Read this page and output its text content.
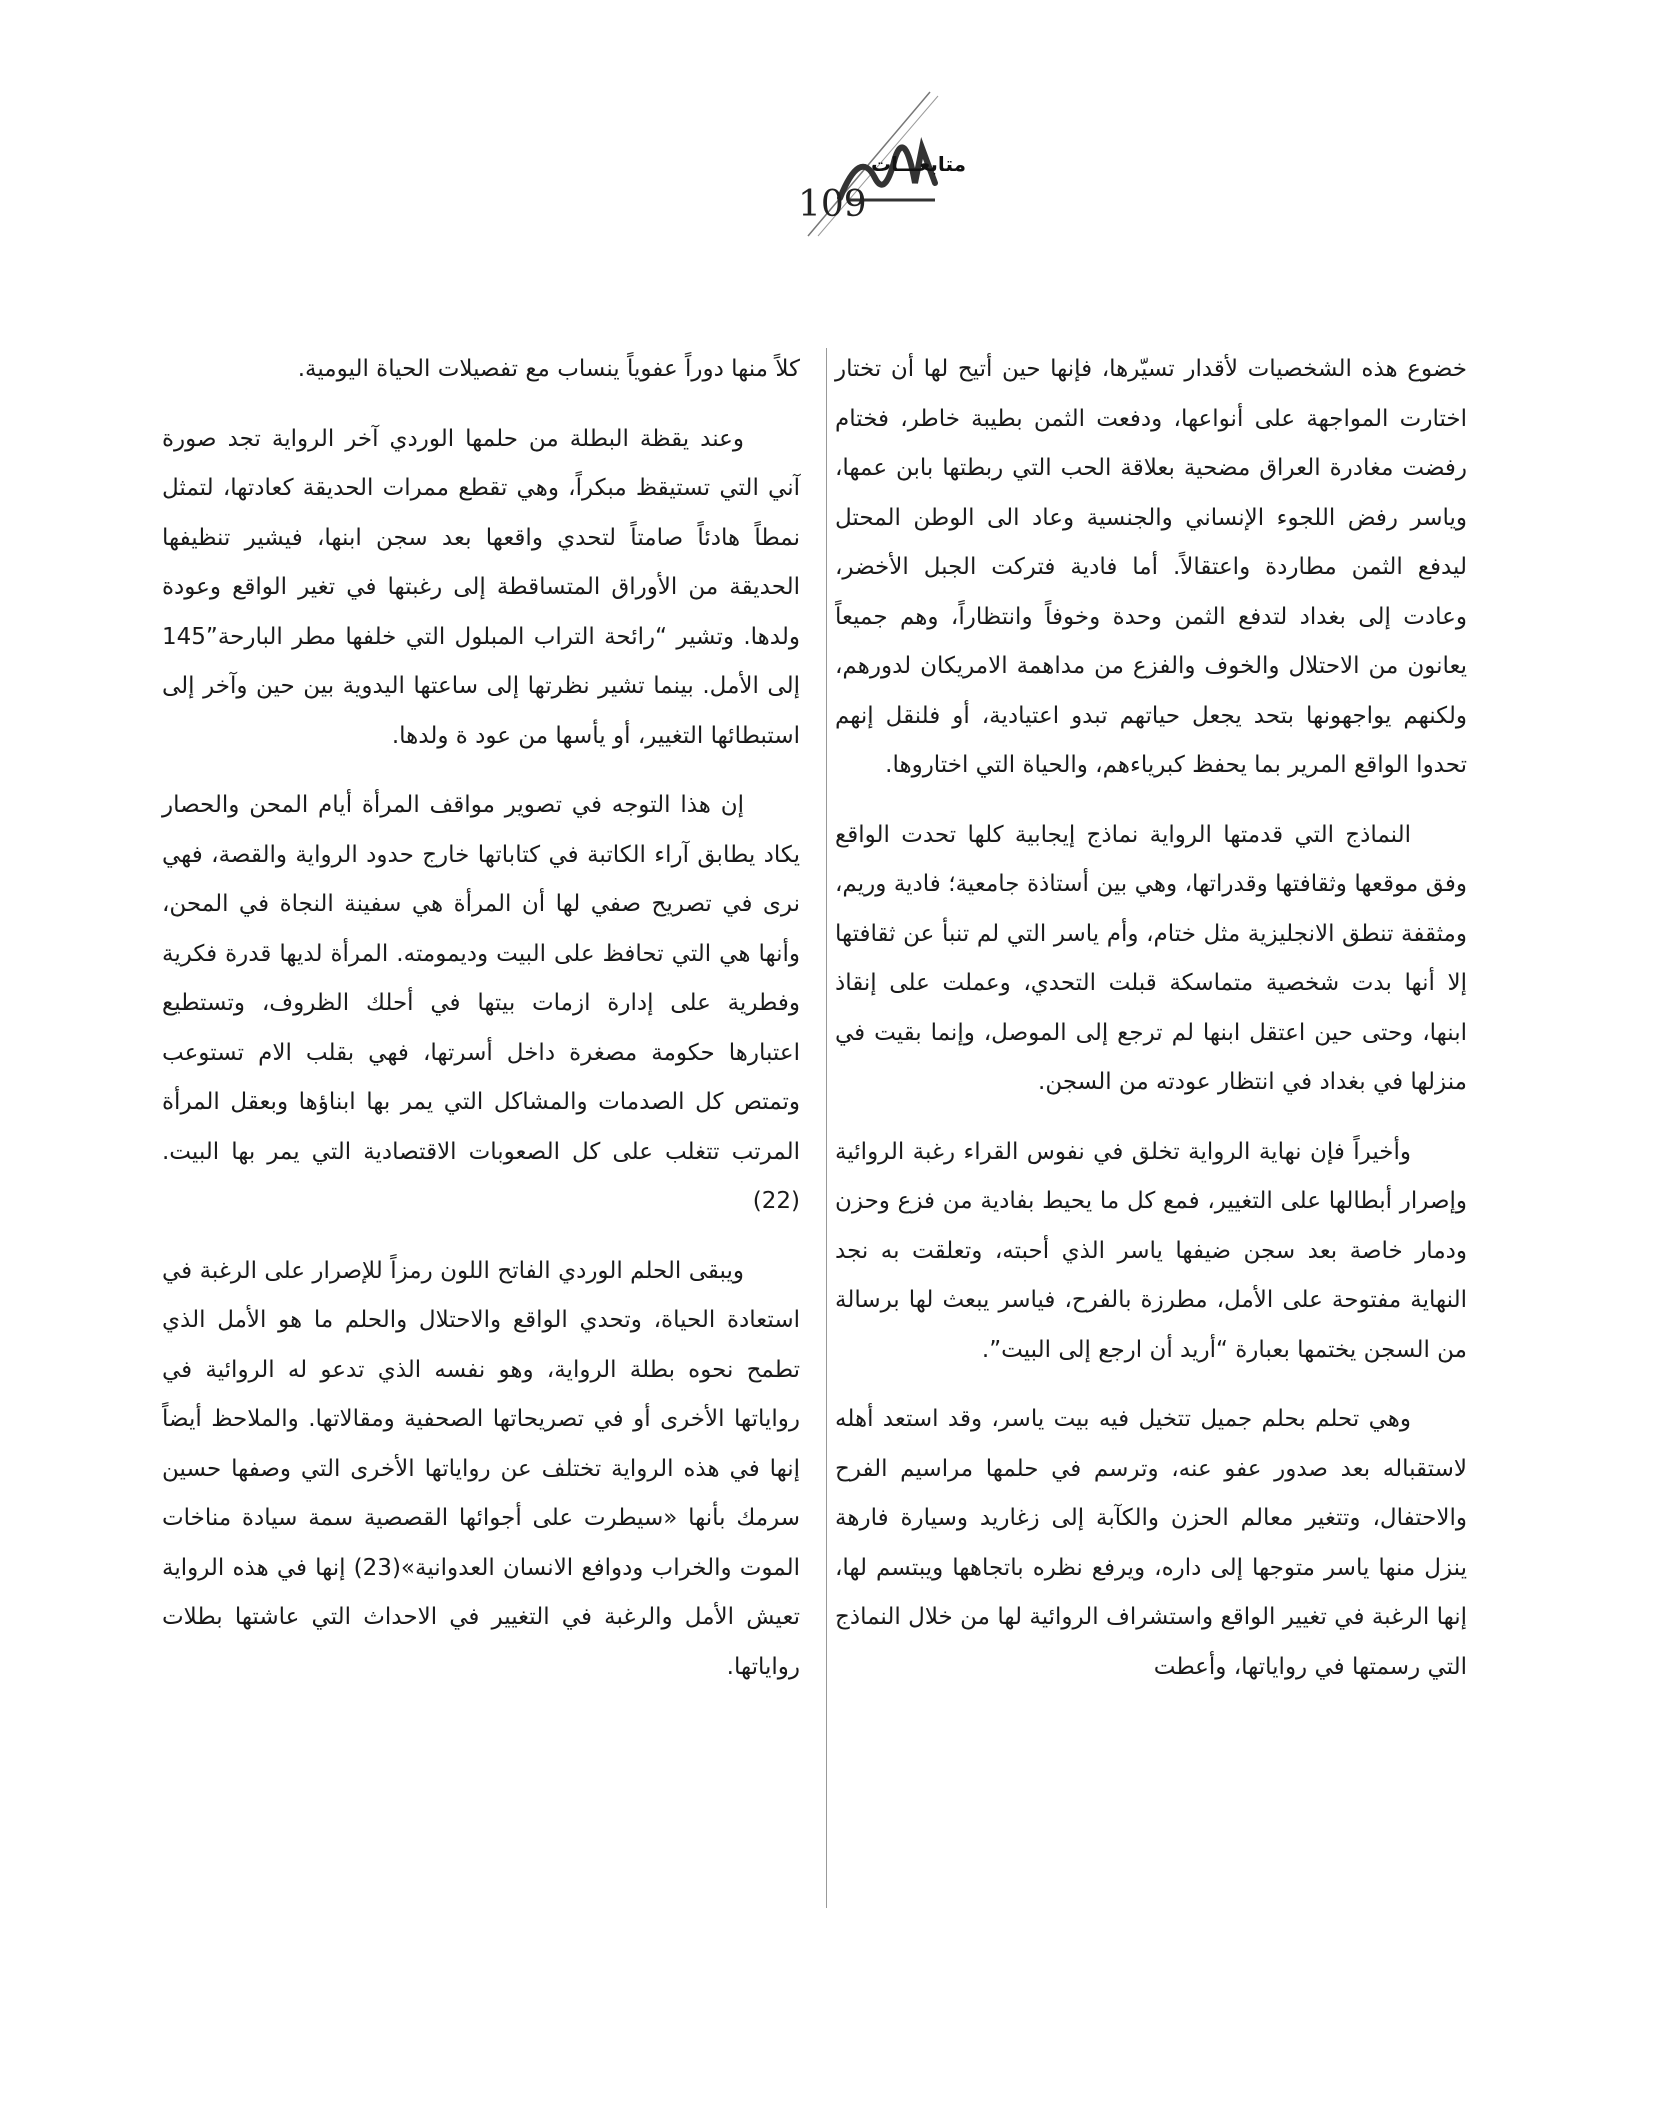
متابعـــات
109

خضوع هذه الشخصيات لأقدار تسيّرها، فإنها حين أتيح لها أن تختار اختارت المواجهة على أنواعها، ودفعت الثمن بطيبة خاطر، فختام رفضت مغادرة العراق مضحية بعلاقة الحب التي ربطتها بابن عمها، وياسر رفض اللجوء الإنساني والجنسية وعاد الى الوطن المحتل ليدفع الثمن مطاردة واعتقالاً. أما فادية فتركت الجبل الأخضر، وعادت إلى بغداد لتدفع الثمن وحدة وخوفاً وانتظاراً، وهم جميعاً يعانون من الاحتلال والخوف والفزع من مداهمة الامريكان لدورهم، ولكنهم يواجهونها بتحد يجعل حياتهم تبدو اعتيادية، أو فلنقل إنهم تحدوا الواقع المرير بما يحفظ كبرياءهم، والحياة التي اختاروها.

النماذج التي قدمتها الرواية نماذج إيجابية كلها تحدت الواقع وفق موقعها وثقافتها وقدراتها، وهي بين أستاذة جامعية؛ فادية وريم، ومثقفة تنطق الانجليزية مثل ختام، وأم ياسر التي لم تنبأ عن ثقافتها إلا أنها بدت شخصية متماسكة قبلت التحدي، وعملت على إنقاذ ابنها، وحتى حين اعتقل ابنها لم ترجع إلى الموصل، وإنما بقيت في منزلها في بغداد في انتظار عودته من السجن.

وأخيراً فإن نهاية الرواية تخلق في نفوس القراء رغبة الروائية وإصرار أبطالها على التغيير، فمع كل ما يحيط بفادية من فزع وحزن ودمار خاصة بعد سجن ضيفها ياسر الذي أحبته، وتعلقت به نجد النهاية مفتوحة على الأمل، مطرزة بالفرح، فياسر يبعث لها برسالة من السجن يختمها بعبارة “أريد أن ارجع إلى البيت”.

وهي تحلم بحلم جميل تتخيل فيه بيت ياسر، وقد استعد أهله لاستقباله بعد صدور عفو عنه، وترسم في حلمها مراسيم الفرح والاحتفال، وتتغير معالم الحزن والكآبة إلى زغاريد وسيارة فارهة ينزل منها ياسر متوجها إلى داره، ويرفع نظره باتجاهها ويبتسم لها، إنها الرغبة في تغيير الواقع واستشراف الروائية لها من خلال النماذج التي رسمتها في رواياتها، وأعطت

كلاً منها دوراً عفوياً ينساب مع تفصيلات الحياة اليومية.

وعند يقظة البطلة من حلمها الوردي آخر الرواية تجد صورة آني التي تستيقظ مبكراً، وهي تقطع ممرات الحديقة كعادتها، لتمثل نمطاً هادئاً صامتاً لتحدي واقعها بعد سجن ابنها، فيشير تنظيفها الحديقة من الأوراق المتساقطة إلى رغبتها في تغير الواقع وعودة ولدها. وتشير “رائحة التراب المبلول التي خلفها مطر البارحة”145 إلى الأمل. بينما تشير نظرتها إلى ساعتها اليدوية بين حين وآخر إلى استبطائها التغيير، أو يأسها من عود ة ولدها.

إن هذا التوجه في تصوير مواقف المرأة أيام المحن والحصار يكاد يطابق آراء الكاتبة في كتاباتها خارج حدود الرواية والقصة، فهي نرى في تصريح صفي لها أن المرأة هي سفينة النجاة في المحن، وأنها هي التي تحافظ على البيت وديمومته. المرأة لديها قدرة فكرية وفطرية على إدارة ازمات بيتها في أحلك الظروف، وتستطيع اعتبارها حكومة مصغرة داخل أسرتها، فهي بقلب الام تستوعب وتمتص كل الصدمات والمشاكل التي يمر بها ابناؤها وبعقل المرأة المرتب تتغلب على كل الصعوبات الاقتصادية التي يمر بها البيت.(22)

ويبقى الحلم الوردي الفاتح اللون رمزاً للإصرار على الرغبة في استعادة الحياة، وتحدي الواقع والاحتلال والحلم ما هو الأمل الذي تطمح نحوه بطلة الرواية، وهو نفسه الذي تدعو له الروائية في رواياتها الأخرى أو في تصريحاتها الصحفية ومقالاتها. والملاحظ أيضاً إنها في هذه الرواية تختلف عن رواياتها الأخرى التي وصفها حسين سرمك بأنها «سيطرت على أجوائها القصصية سمة سيادة مناخات الموت والخراب ودوافع الانسان العدوانية»(23) إنها في هذه الرواية تعيش الأمل والرغبة في التغيير في الاحداث التي عاشتها بطلات رواياتها.
